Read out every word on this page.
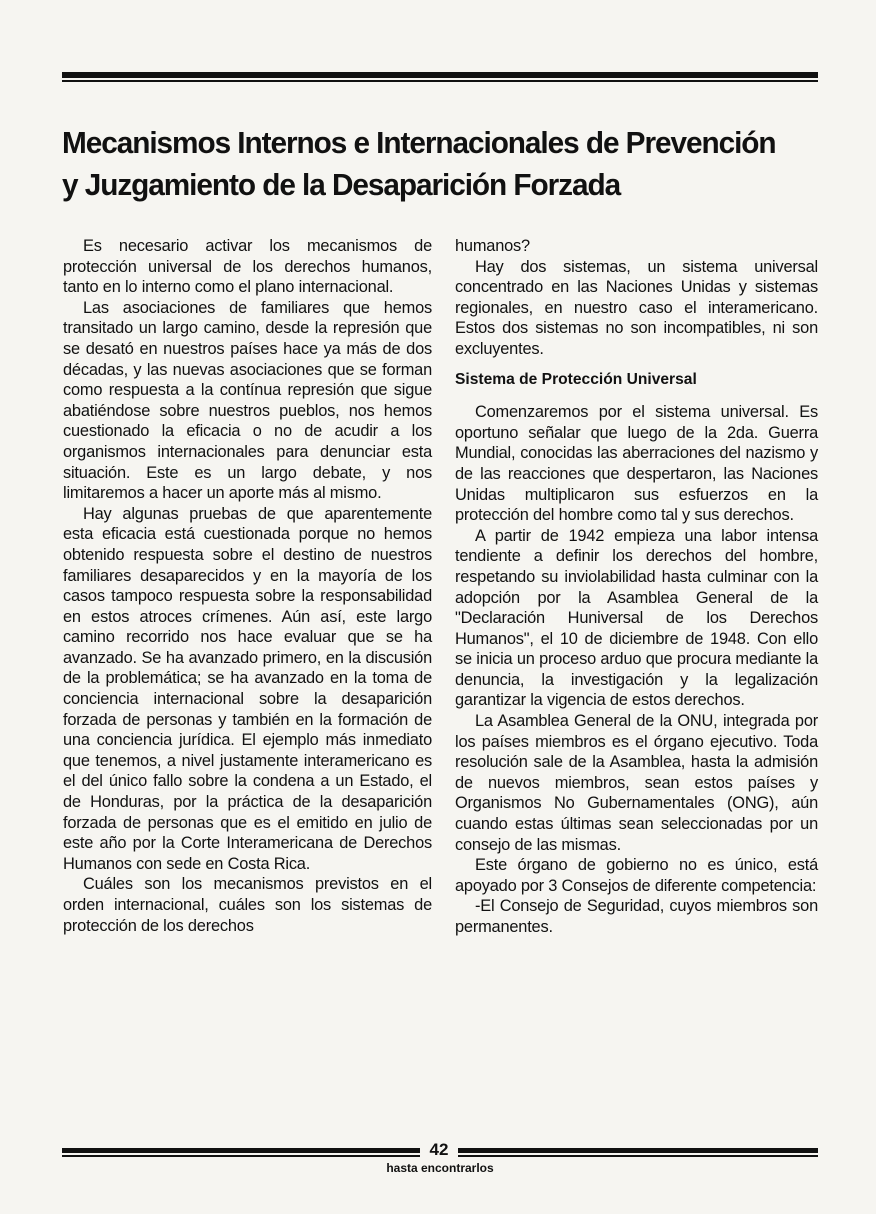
Mecanismos Internos e Internacionales de Prevención
y Juzgamiento de la Desaparición Forzada

Es necesario activar los mecanismos de protección universal de los derechos humanos, tanto en lo interno como el plano internacional.

Las asociaciones de familiares que hemos transitado un largo camino, desde la represión que se desató en nuestros países hace ya más de dos décadas, y las nuevas asociaciones que se forman como respuesta a la contínua represión que sigue abatiéndose sobre nuestros pueblos, nos hemos cuestionado la eficacia o no de acudir a los organismos internacionales para denunciar esta situación. Este es un largo debate, y nos limitaremos a hacer un aporte más al mismo.

Hay algunas pruebas de que aparentemente esta eficacia está cuestionada porque no hemos obtenido respuesta sobre el destino de nuestros familiares desaparecidos y en la mayoría de los casos tampoco respuesta sobre la responsabilidad en estos atroces crímenes. Aún así, este largo camino recorrido nos hace evaluar que se ha avanzado. Se ha avanzado primero, en la discusión de la problemática; se ha avanzado en la toma de conciencia internacional sobre la desaparición forzada de personas y también en la formación de una conciencia jurídica. El ejemplo más inmediato que tenemos, a nivel justamente interamericano es el del único fallo sobre la condena a un Estado, el de Honduras, por la práctica de la desaparición forzada de personas que es el emitido en julio de este año por la Corte Interamericana de Derechos Humanos con sede en Costa Rica.

Cuáles son los mecanismos previstos en el orden internacional, cuáles son los sistemas de protección de los derechos

humanos?

Hay dos sistemas, un sistema universal concentrado en las Naciones Unidas y sistemas regionales, en nuestro caso el interamericano. Estos dos sistemas no son incompatibles, ni son excluyentes.

Sistema de Protección Universal

Comenzaremos por el sistema universal. Es oportuno señalar que luego de la 2da. Guerra Mundial, conocidas las aberraciones del nazismo y de las reacciones que despertaron, las Naciones Unidas multiplicaron sus esfuerzos en la protección del hombre como tal y sus derechos.

A partir de 1942 empieza una labor intensa tendiente a definir los derechos del hombre, respetando su inviolabilidad hasta culminar con la adopción por la Asamblea General de la "Declaración Huniversal de los Derechos Humanos", el 10 de diciembre de 1948. Con ello se inicia un proceso arduo que procura mediante la denuncia, la investigación y la legalización garantizar la vigencia de estos derechos.

La Asamblea General de la ONU, integrada por los países miembros es el órgano ejecutivo. Toda resolución sale de la Asamblea, hasta la admisión de nuevos miembros, sean estos países y Organismos No Gubernamentales (ONG), aún cuando estas últimas sean seleccionadas por un consejo de las mismas.

Este órgano de gobierno no es único, está apoyado por 3 Consejos de diferente competencia:

-El Consejo de Seguridad, cuyos miembros son permanentes.

42
hasta encontrarlos
